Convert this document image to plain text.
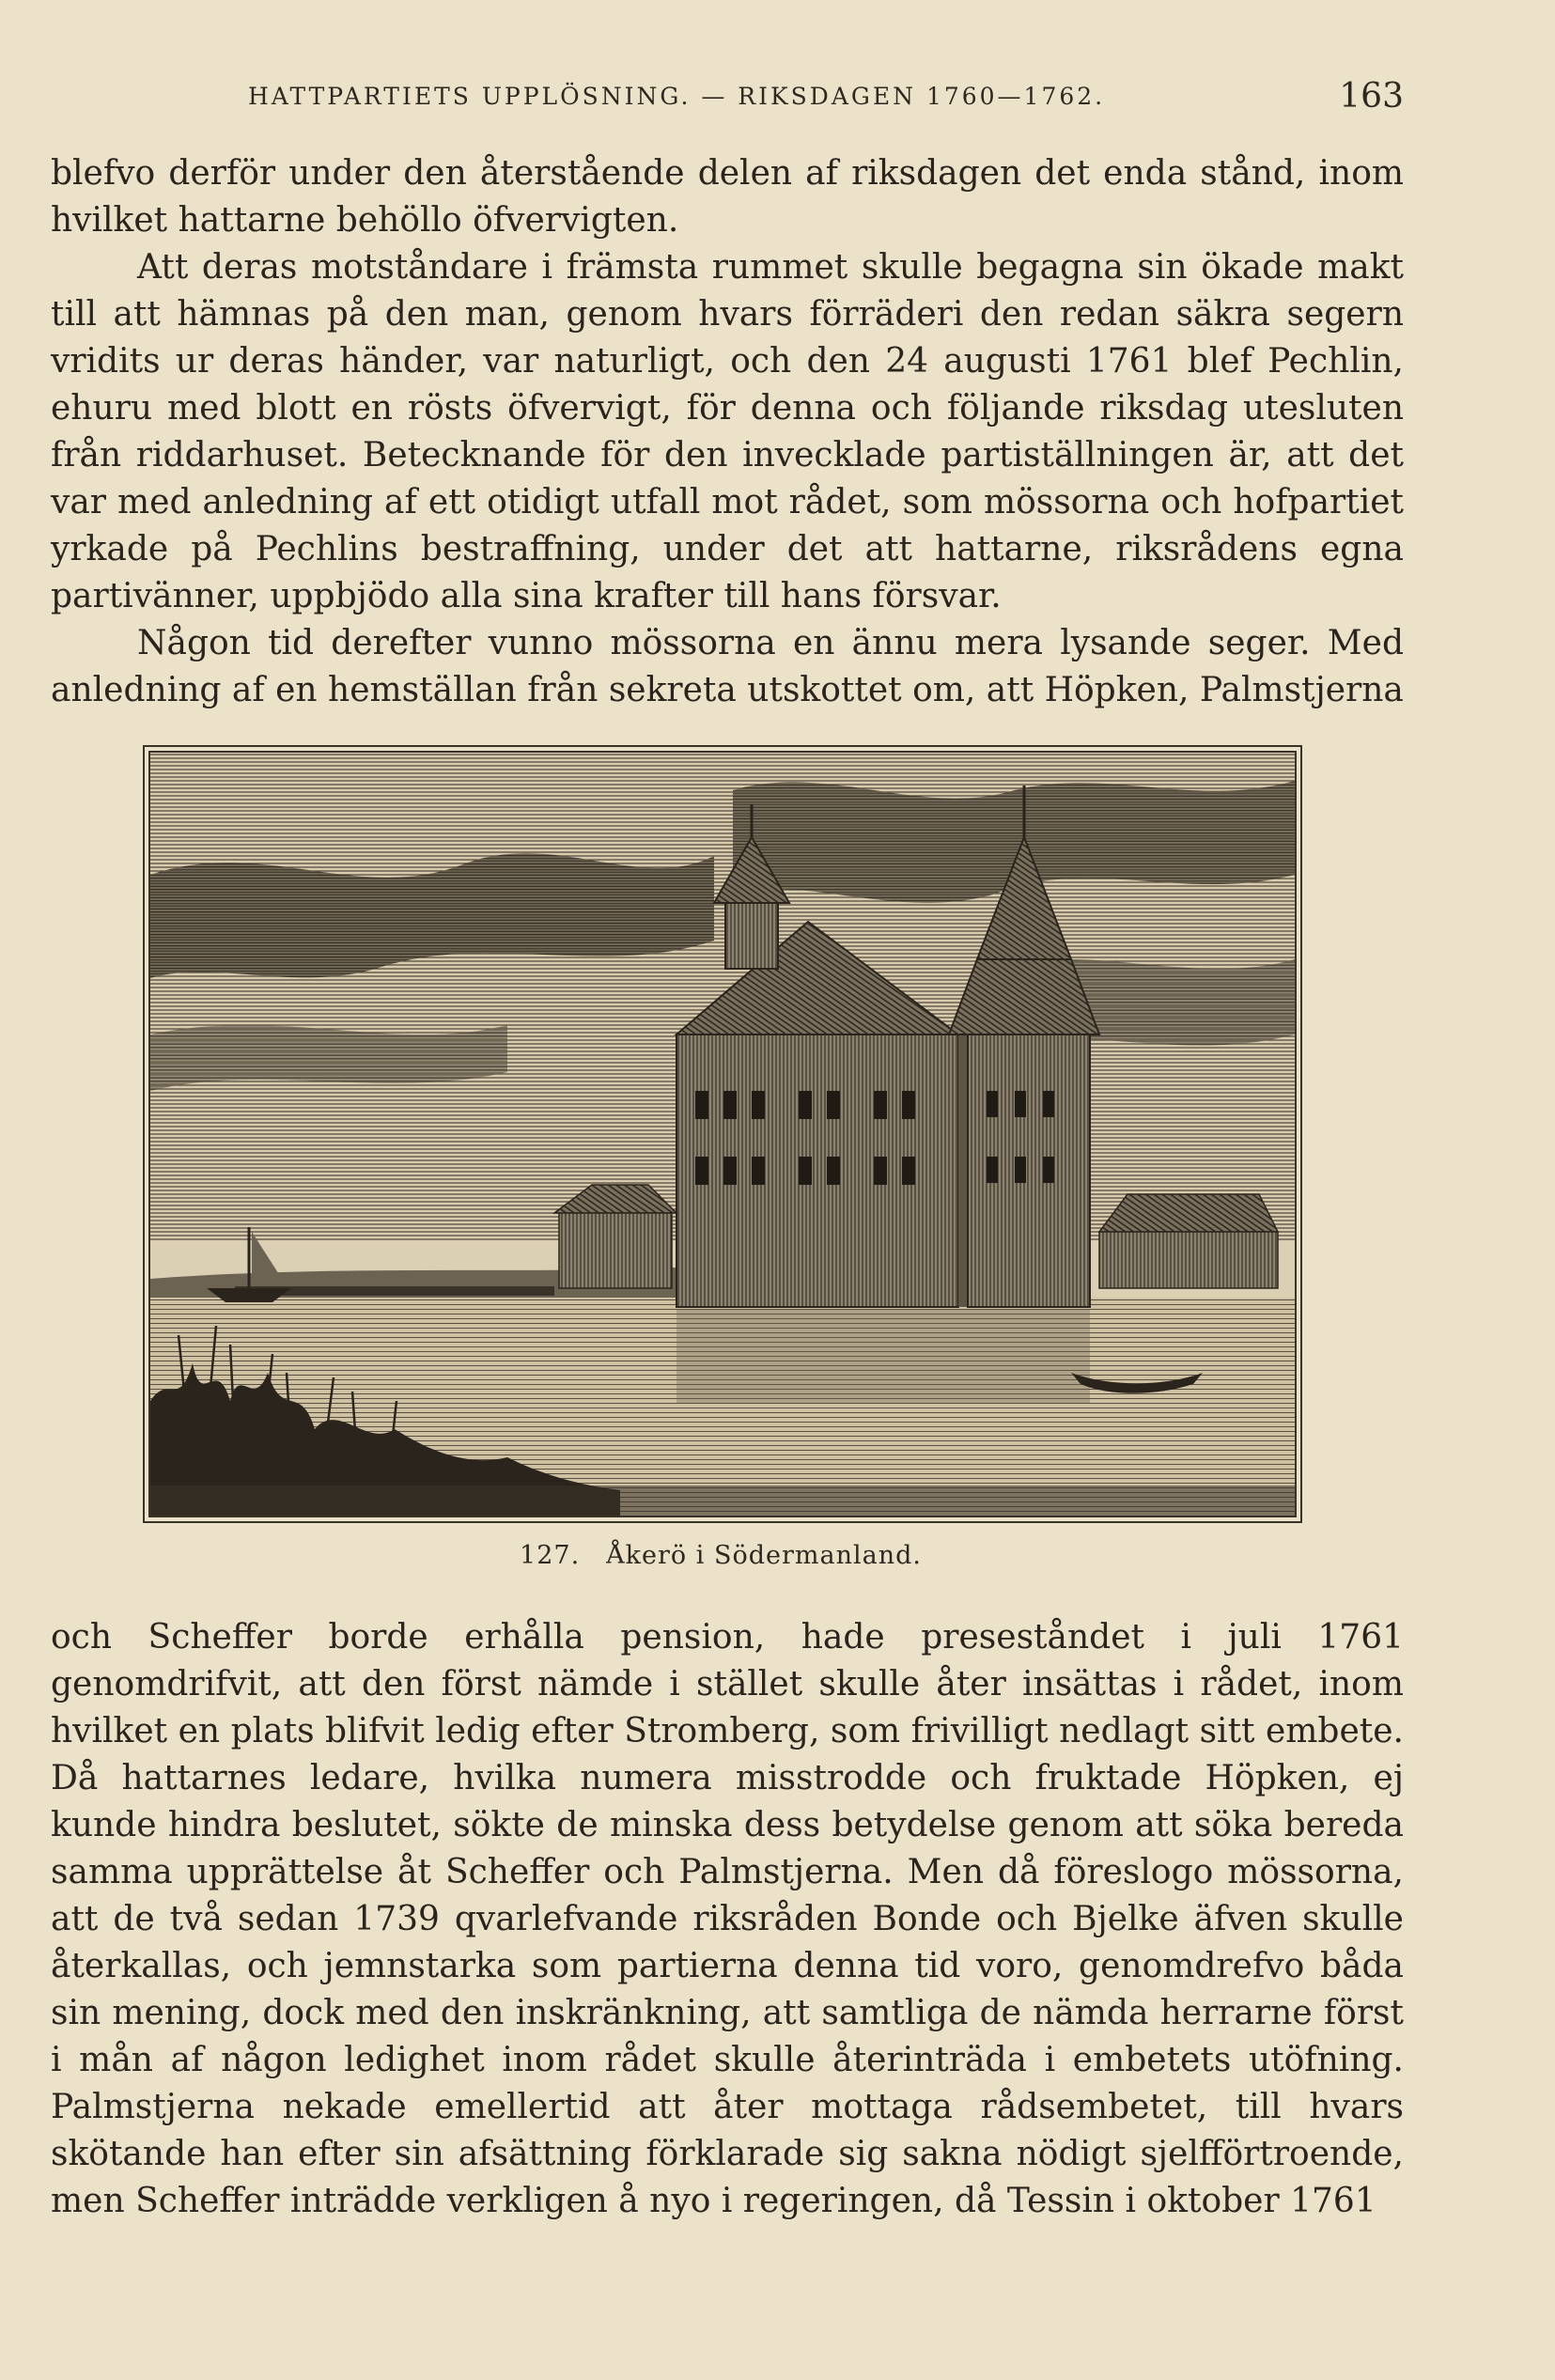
HATTPARTIETS UPPLÖSNING. — RIKSDAGEN 1760—1762.	163

blefvo derför under den återstående delen af riksdagen det enda stånd, inom hvilket hattarne behöllo öfvervigten.

Att deras motståndare i främsta rummet skulle begagna sin ökade makt till att hämnas på den man, genom hvars förräderi den redan säkra segern vridits ur deras händer, var naturligt, och den 24 augusti 1761 blef Pechlin, ehuru med blott en rösts öfvervigt, för denna och följande riksdag utesluten från riddarhuset. Betecknande för den invecklade partiställningen är, att det var med anledning af ett otidigt utfall mot rådet, som mössorna och hofpartiet yrkade på Pechlins bestraffning, under det att hattarne, riksrådens egna partivänner, uppbjödo alla sina krafter till hans försvar.

Någon tid derefter vunno mössorna en ännu mera lysande seger. Med anledning af en hemställan från sekreta utskottet om, att Höpken, Palmstjerna

127. Åkerö i Södermanland.

och Scheffer borde erhålla pension, hade preseståndet i juli 1761 genomdrifvit, att den först nämde i stället skulle åter insättas i rådet, inom hvilket en plats blifvit ledig efter Stromberg, som frivilligt nedlagt sitt embete. Då hattarnes ledare, hvilka numera misstrodde och fruktade Höpken, ej kunde hindra beslutet, sökte de minska dess betydelse genom att söka bereda samma upprättelse åt Scheffer och Palmstjerna. Men då föreslogo mössorna, att de två sedan 1739 qvarlefvande riksråden Bonde och Bjelke äfven skulle återkallas, och jemnstarka som partierna denna tid voro, genomdrefvo båda sin mening, dock med den inskränkning, att samtliga de nämda herrarne först i mån af någon ledighet inom rådet skulle återinträda i embetets utöfning. Palmstjerna nekade emellertid att åter mottaga rådsembetet, till hvars skötande han efter sin afsättning förklarade sig sakna nödigt sjelfförtroende, men Scheffer inträdde verkligen å nyo i regeringen, då Tessin i oktober 1761
